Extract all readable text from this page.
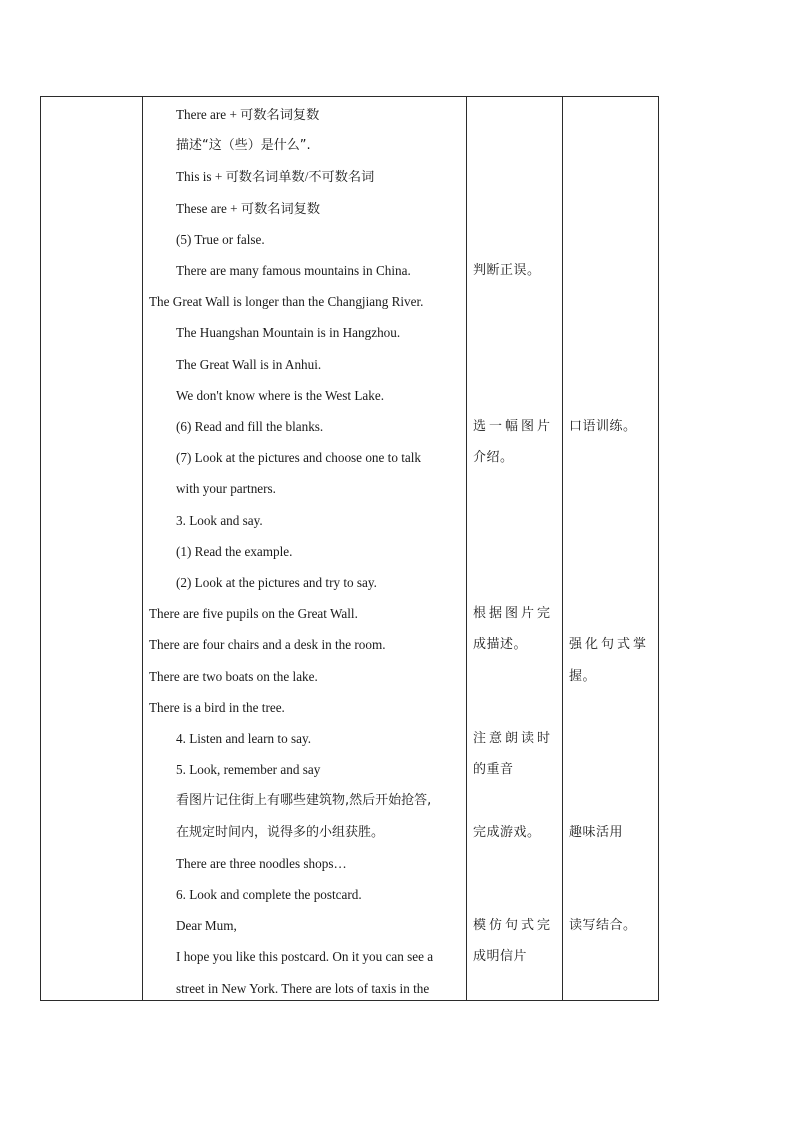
There are + 可数名词复数
描述“这（些）是什么”.
This is + 可数名词单数/不可数名词
These are + 可数名词复数
(5) True or false.
There are many famous mountains in China.
The Great Wall is longer than the Changjiang River.
The Huangshan Mountain is in Hangzhou.
The Great Wall is in Anhui.
We don't know where is the West Lake.
(6) Read and fill the blanks.
(7) Look at the pictures and choose one to talk
with your partners.
3. Look and say.
(1) Read the example.
(2) Look at the pictures and try to say.
There are five pupils on the Great Wall.
There are four chairs and a desk in the room.
There are two boats on the lake.
There is a bird in the tree.
4. Listen and learn to say.
5. Look, remember and say
看图片记住街上有哪些建筑物,然后开始抢答,
在规定时间内，说得多的小组获胜。
There are three noodles shops…
6. Look and complete the postcard.
Dear Mum,
I hope you like this postcard. On it you can see a
street in New York. There are lots of taxis in the
判断正误。
选一幅图片
介绍。
根据图片完
成描述。
注意朗读时
的重音
完成游戏。
模仿句式完
成明信片
口语训练。
强化句式掌
握。
趣味活用
读写结合。
